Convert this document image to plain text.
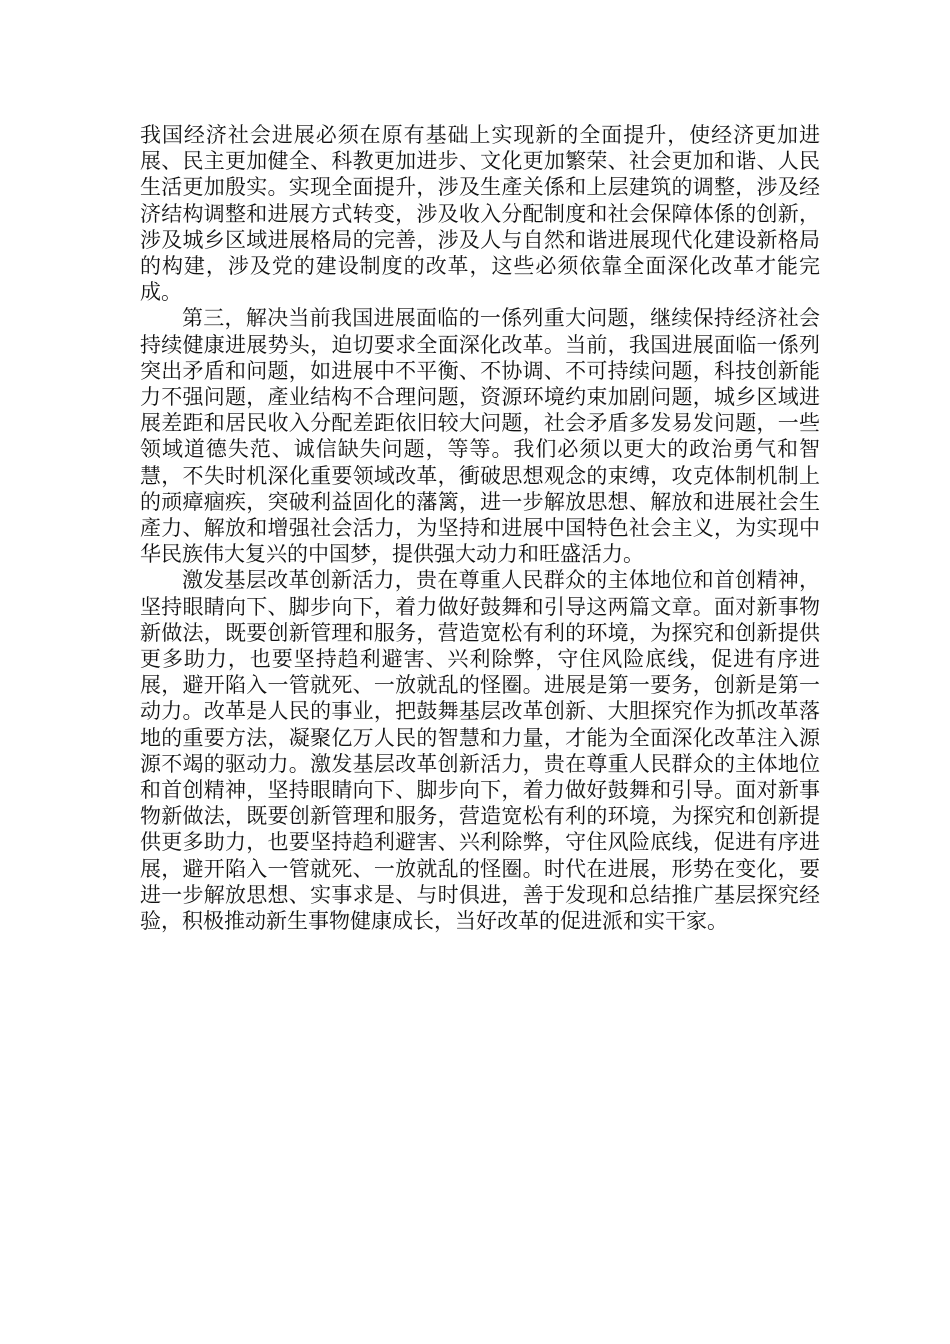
我国经济社会进展必须在原有基础上实现新的全面提升，使经济更加进展、民主更加健全、科教更加进步、文化更加繁荣、社会更加和谐、人民生活更加殷实。实现全面提升，涉及生產关係和上层建筑的调整，涉及经济结构调整和进展方式转变，涉及收入分配制度和社会保障体係的创新，涉及城乡区域进展格局的完善，涉及人与自然和谐进展现代化建设新格局的构建，涉及党的建设制度的改革，这些必须依靠全面深化改革才能完成。

第三，解决当前我国进展面临的一係列重大问题，继续保持经济社会持续健康进展势头，迫切要求全面深化改革。当前，我国进展面临一係列突出矛盾和问题，如进展中不平衡、不协调、不可持续问题，科技创新能力不强问题，產业结构不合理问题，资源环境约束加剧问题，城乡区域进展差距和居民收入分配差距依旧较大问题，社会矛盾多发易发问题，一些领域道德失范、诚信缺失问题，等等。我们必须以更大的政治勇气和智慧，不失时机深化重要领域改革，衝破思想观念的束缚，攻克体制机制上的顽瘴痼疾，突破利益固化的藩篱，进一步解放思想、解放和进展社会生產力、解放和增强社会活力，为坚持和进展中国特色社会主义，为实现中华民族伟大复兴的中国梦，提供强大动力和旺盛活力。

激发基层改革创新活力，贵在尊重人民群众的主体地位和首创精神，坚持眼睛向下、脚步向下，着力做好鼓舞和引导这两篇文章。面对新事物新做法，既要创新管理和服务，营造宽松有利的环境，为探究和创新提供更多助力，也要坚持趋利避害、兴利除弊，守住风险底线，促进有序进展，避开陷入一管就死、一放就乱的怪圈。进展是第一要务，创新是第一动力。改革是人民的事业，把鼓舞基层改革创新、大胆探究作为抓改革落地的重要方法，凝聚亿万人民的智慧和力量，才能为全面深化改革注入源源不竭的驱动力。激发基层改革创新活力，贵在尊重人民群众的主体地位和首创精神，坚持眼睛向下、脚步向下，着力做好鼓舞和引导。面对新事物新做法，既要创新管理和服务，营造宽松有利的环境，为探究和创新提供更多助力，也要坚持趋利避害、兴利除弊，守住风险底线，促进有序进展，避开陷入一管就死、一放就乱的怪圈。时代在进展，形势在变化，要进一步解放思想、实事求是、与时俱进，善于发现和总结推广基层探究经验，积极推动新生事物健康成长，当好改革的促进派和实干家。
